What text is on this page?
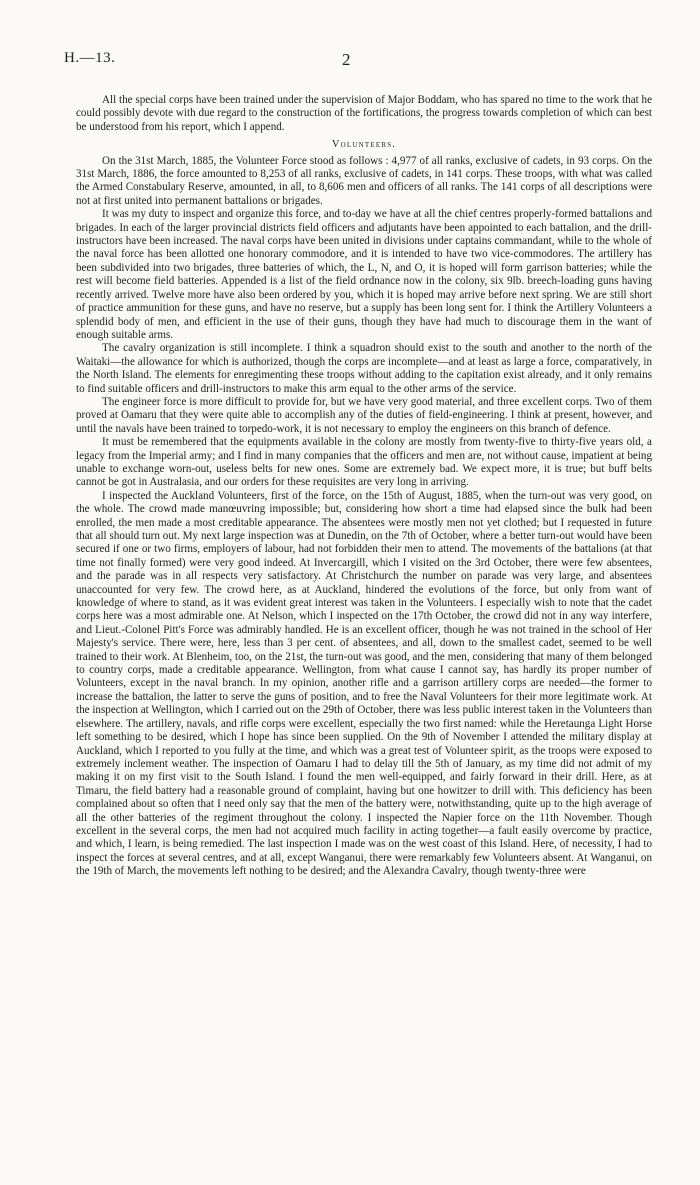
H.—13.	2

All the special corps have been trained under the supervision of Major Boddam, who has spared no time to the work that he could possibly devote with due regard to the construction of the fortifications, the progress towards completion of which can best be understood from his report, which I append.

Volunteers.

On the 31st March, 1885, the Volunteer Force stood as follows : 4,977 of all ranks, exclusive of cadets, in 93 corps. On the 31st March, 1886, the force amounted to 8,253 of all ranks, exclusive of cadets, in 141 corps. These troops, with what was called the Armed Constabulary Reserve, amounted, in all, to 8,606 men and officers of all ranks. The 141 corps of all descriptions were not at first united into permanent battalions or brigades.

It was my duty to inspect and organize this force, and to-day we have at all the chief centres properly-formed battalions and brigades. In each of the larger provincial districts field officers and adjutants have been appointed to each battalion, and the drill-instructors have been increased. The naval corps have been united in divisions under captains commandant, while to the whole of the naval force has been allotted one honorary commodore, and it is intended to have two vice-commodores. The artillery has been subdivided into two brigades, three batteries of which, the L, N, and O, it is hoped will form garrison batteries; while the rest will become field batteries. Appended is a list of the field ordnance now in the colony, six 9lb. breech-loading guns having recently arrived. Twelve more have also been ordered by you, which it is hoped may arrive before next spring. We are still short of practice ammunition for these guns, and have no reserve, but a supply has been long sent for. I think the Artillery Volunteers a splendid body of men, and efficient in the use of their guns, though they have had much to discourage them in the want of enough suitable arms.

The cavalry organization is still incomplete. I think a squadron should exist to the south and another to the north of the Waitaki—the allowance for which is authorized, though the corps are incomplete—and at least as large a force, comparatively, in the North Island. The elements for enregimenting these troops without adding to the capitation exist already, and it only remains to find suitable officers and drill-instructors to make this arm equal to the other arms of the service.

The engineer force is more difficult to provide for, but we have very good material, and three excellent corps. Two of them proved at Oamaru that they were quite able to accomplish any of the duties of field-engineering. I think at present, however, and until the navals have been trained to torpedo-work, it is not necessary to employ the engineers on this branch of defence.

It must be remembered that the equipments available in the colony are mostly from twenty-five to thirty-five years old, a legacy from the Imperial army; and I find in many companies that the officers and men are, not without cause, impatient at being unable to exchange worn-out, useless belts for new ones. Some are extremely bad. We expect more, it is true; but buff belts cannot be got in Australasia, and our orders for these requisites are very long in arriving.

I inspected the Auckland Volunteers, first of the force, on the 15th of August, 1885, when the turn-out was very good, on the whole. The crowd made manœuvring impossible; but, considering how short a time had elapsed since the bulk had been enrolled, the men made a most creditable appearance. The absentees were mostly men not yet clothed; but I requested in future that all should turn out. My next large inspection was at Dunedin, on the 7th of October, where a better turn-out would have been secured if one or two firms, employers of labour, had not forbidden their men to attend. The movements of the battalions (at that time not finally formed) were very good indeed. At Invercargill, which I visited on the 3rd October, there were few absentees, and the parade was in all respects very satisfactory. At Christchurch the number on parade was very large, and absentees unaccounted for very few. The crowd here, as at Auckland, hindered the evolutions of the force, but only from want of knowledge of where to stand, as it was evident great interest was taken in the Volunteers. I especially wish to note that the cadet corps here was a most admirable one. At Nelson, which I inspected on the 17th October, the crowd did not in any way interfere, and Lieut.-Colonel Pitt's Force was admirably handled. He is an excellent officer, though he was not trained in the school of Her Majesty's service. There were, here, less than 3 per cent. of absentees, and all, down to the smallest cadet, seemed to be well trained to their work. At Blenheim, too, on the 21st, the turn-out was good, and the men, considering that many of them belonged to country corps, made a creditable appearance. Wellington, from what cause I cannot say, has hardly its proper number of Volunteers, except in the naval branch. In my opinion, another rifle and a garrison artillery corps are needed—the former to increase the battalion, the latter to serve the guns of position, and to free the Naval Volunteers for their more legitimate work. At the inspection at Wellington, which I carried out on the 29th of October, there was less public interest taken in the Volunteers than elsewhere. The artillery, navals, and rifle corps were excellent, especially the two first named: while the Heretaunga Light Horse left something to be desired, which I hope has since been supplied. On the 9th of November I attended the military display at Auckland, which I reported to you fully at the time, and which was a great test of Volunteer spirit, as the troops were exposed to extremely inclement weather. The inspection of Oamaru I had to delay till the 5th of January, as my time did not admit of my making it on my first visit to the South Island. I found the men well-equipped, and fairly forward in their drill. Here, as at Timaru, the field battery had a reasonable ground of complaint, having but one howitzer to drill with. This deficiency has been complained about so often that I need only say that the men of the battery were, notwithstanding, quite up to the high average of all the other batteries of the regiment throughout the colony. I inspected the Napier force on the 11th November. Though excellent in the several corps, the men had not acquired much facility in acting together—a fault easily overcome by practice, and which, I learn, is being remedied. The last inspection I made was on the west coast of this Island. Here, of necessity, I had to inspect the forces at several centres, and at all, except Wanganui, there were remarkably few Volunteers absent. At Wanganui, on the 19th of March, the movements left nothing to be desired; and the Alexandra Cavalry, though twenty-three were
